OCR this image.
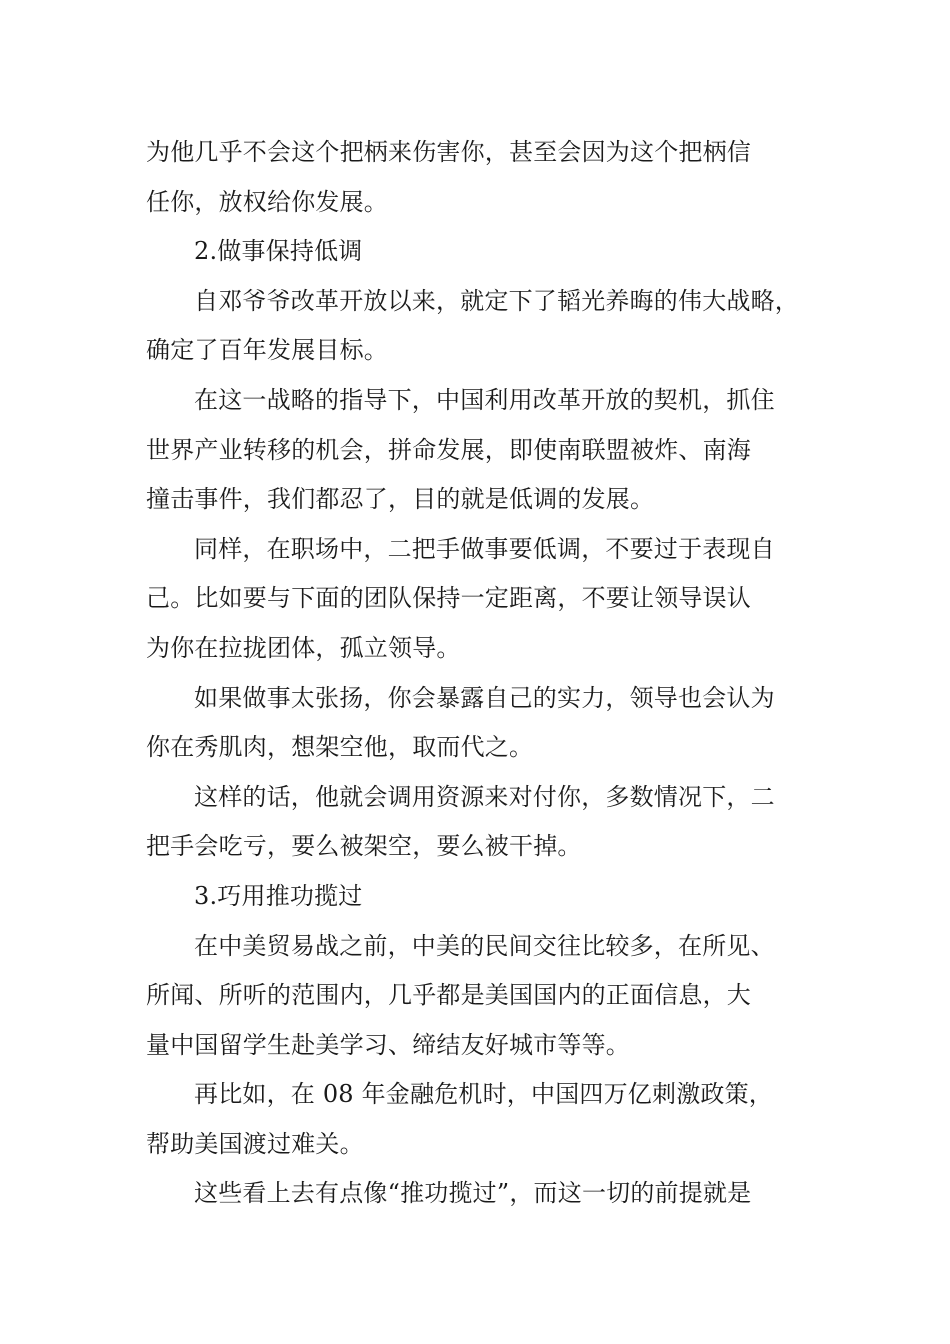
为他几乎不会这个把柄来伤害你，甚至会因为这个把柄信
任你，放权给你发展。
2.做事保持低调
自邓爷爷改革开放以来，就定下了韬光养晦的伟大战略，
确定了百年发展目标。
在这一战略的指导下，中国利用改革开放的契机，抓住
世界产业转移的机会，拼命发展，即使南联盟被炸、南海
撞击事件，我们都忍了，目的就是低调的发展。
同样，在职场中，二把手做事要低调，不要过于表现自
己。比如要与下面的团队保持一定距离，不要让领导误认
为你在拉拢团体，孤立领导。
如果做事太张扬，你会暴露自己的实力，领导也会认为
你在秀肌肉，想架空他，取而代之。
这样的话，他就会调用资源来对付你，多数情况下，二
把手会吃亏，要么被架空，要么被干掉。
3.巧用推功揽过
在中美贸易战之前，中美的民间交往比较多，在所见、
所闻、所听的范围内，几乎都是美国国内的正面信息，大
量中国留学生赴美学习、缔结友好城市等等。
再比如，在 08 年金融危机时，中国四万亿刺激政策，
帮助美国渡过难关。
这些看上去有点像“推功揽过”，而这一切的前提就是
